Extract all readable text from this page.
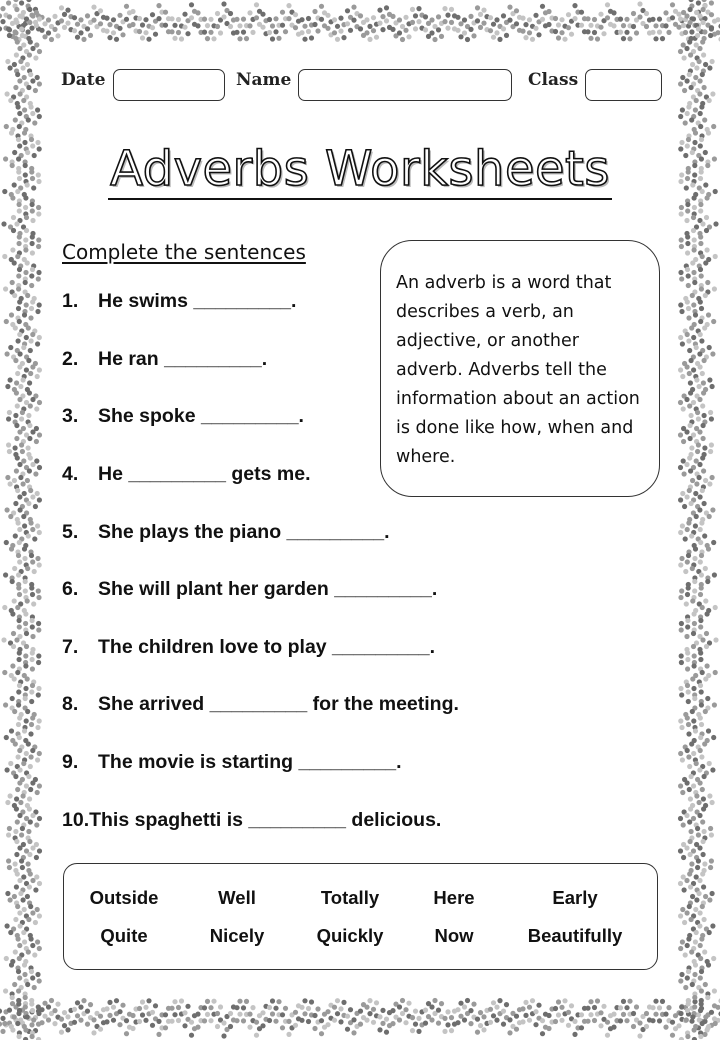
Date	Name	Class
Adverbs Worksheets
Complete the sentences
An adverb is a word that describes a verb, an adjective, or another adverb. Adverbs tell the information about an action is done like how, when and where.
1. He swims _________.
2. He ran _________.
3. She spoke _________.
4. He _________ gets me.
5. She plays the piano _________.
6. She will plant her garden _________.
7. The children love to play _________.
8. She arrived _________ for the meeting.
9. The movie is starting _________.
10.This spaghetti is _________ delicious.
Outside	Well	Totally	Here	Early
Quite	Nicely	Quickly	Now	Beautifully
